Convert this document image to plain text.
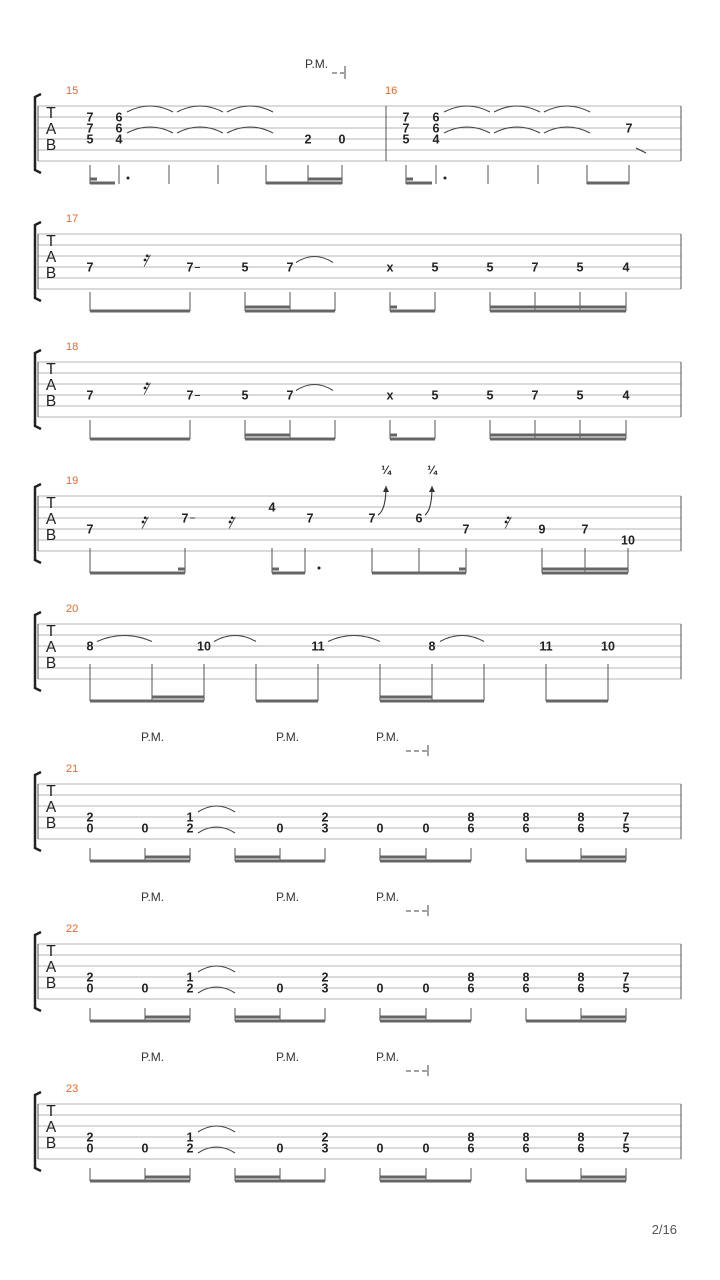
T
A
B
P.M.
15	16
7
7
5
6
6
4	2 0
7
7
5
6
6
4
7
T
A
B
17
7	7	5	7	x	5	5	7	5	4
𝄿
T
A
B
18
7	7	5	7	x	5	5	7	5	4
𝄿
T
A
B
19
7
7
4
7	7	6
7	9	7
10
¼	¼
𝄿	𝄿	𝄿
T
A
B
20
8	10	11	8	11	10
P.M.	P.M.	P.M.
T
A
B
21
2
0	0
1
2	0
2
3	0	0
8
6
8
6
8
6
7
5
P.M.	P.M.	P.M.
T
A
B
22
2
0	0
1
2	0
2
3	0	0
8
6
8
6
8
6
7
5
P.M.	P.M.	P.M.
T
A
B
23
2
0	0
1
2	0
2
3	0	0
8
6
8
6
8
6
7
5
2/16
